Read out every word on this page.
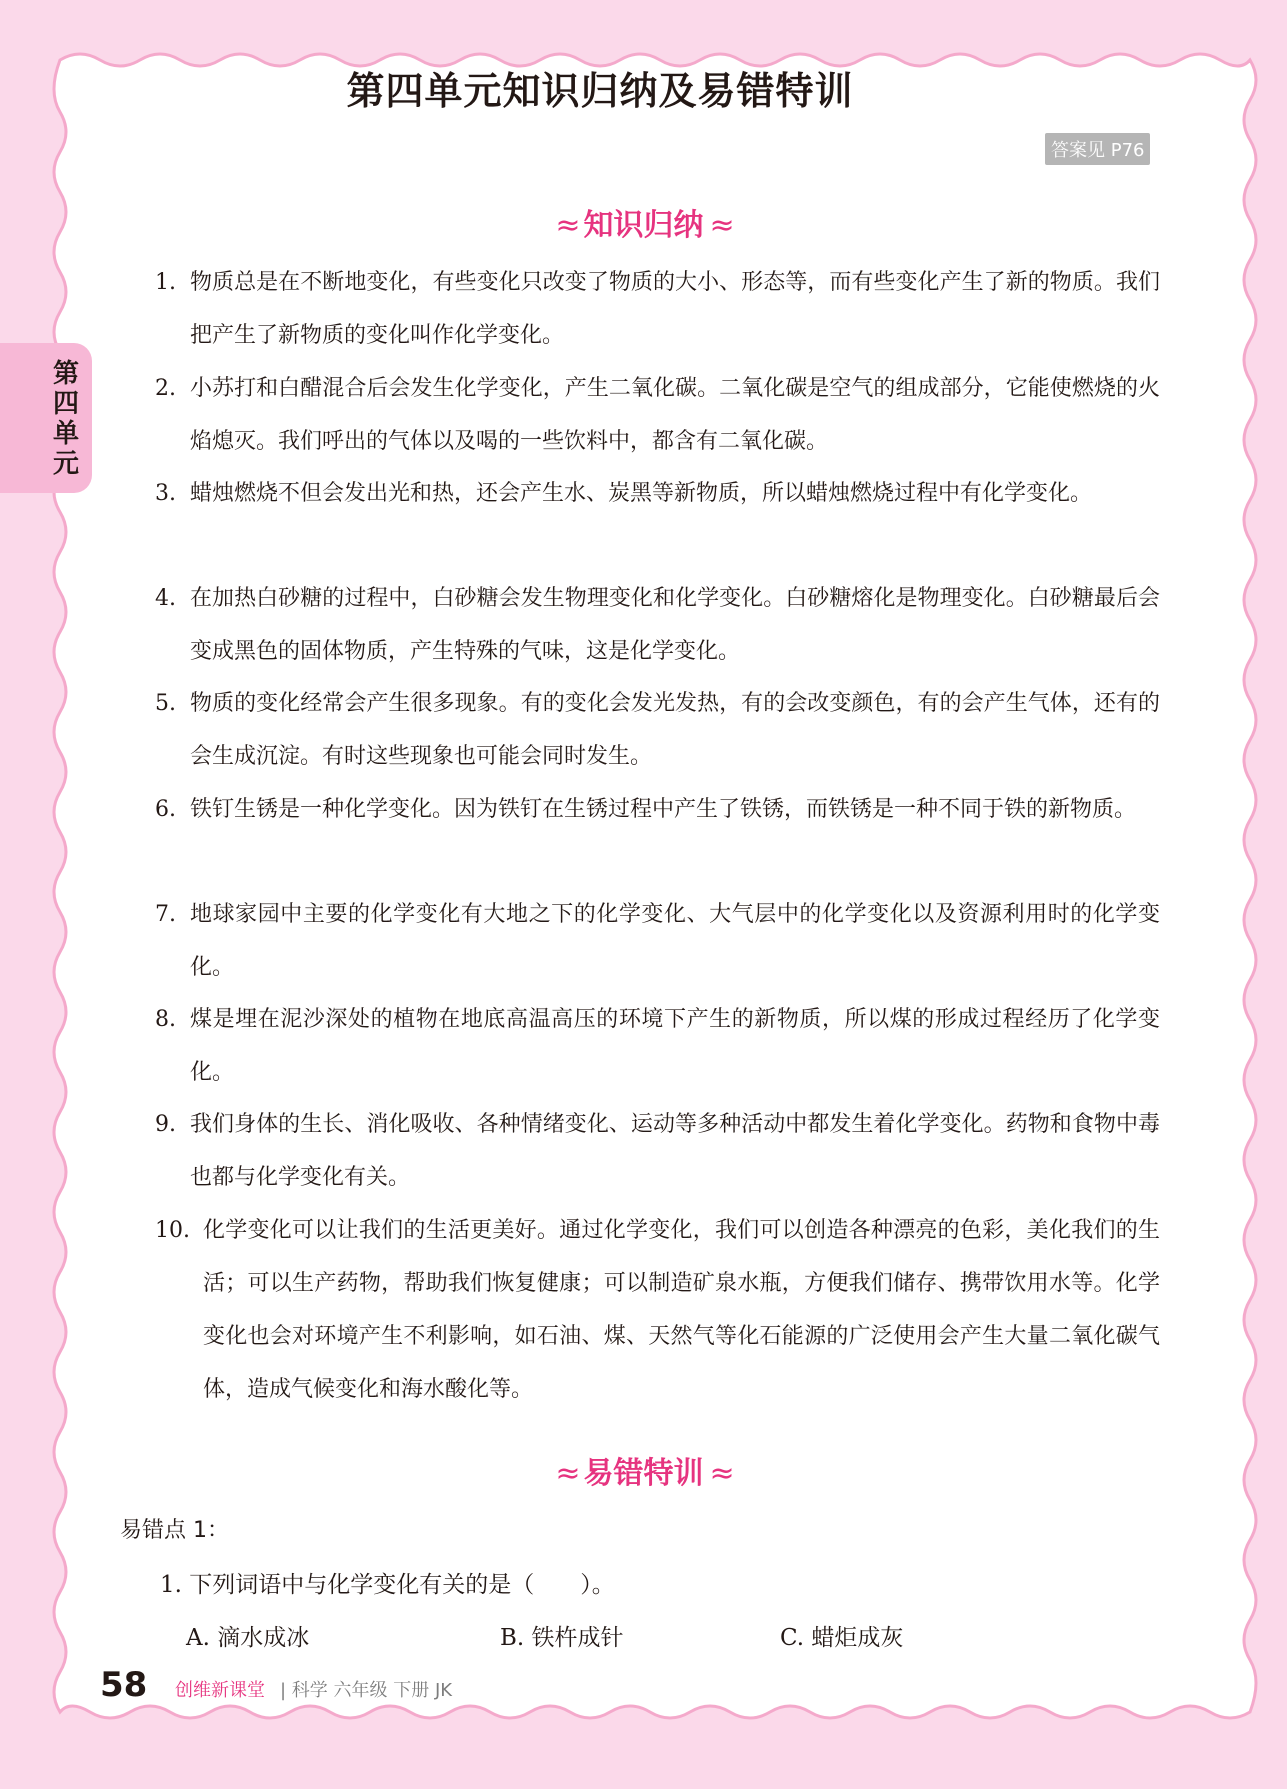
第四单元
第四单元知识归纳及易错特训
答案见 P76
≈ 知识归纳 ≈
1. 物质总是在不断地变化，有些变化只改变了物质的大小、形态等，而有些变化产生了新的物质。我们把产生了新物质的变化叫作化学变化。
2. 小苏打和白醋混合后会发生化学变化，产生二氧化碳。二氧化碳是空气的组成部分，它能使燃烧的火焰熄灭。我们呼出的气体以及喝的一些饮料中，都含有二氧化碳。
3. 蜡烛燃烧不但会发出光和热，还会产生水、炭黑等新物质，所以蜡烛燃烧过程中有化学变化。
4. 在加热白砂糖的过程中，白砂糖会发生物理变化和化学变化。白砂糖熔化是物理变化。白砂糖最后会变成黑色的固体物质，产生特殊的气味，这是化学变化。
5. 物质的变化经常会产生很多现象。有的变化会发光发热，有的会改变颜色，有的会产生气体，还有的会生成沉淀。有时这些现象也可能会同时发生。
6. 铁钉生锈是一种化学变化。因为铁钉在生锈过程中产生了铁锈，而铁锈是一种不同于铁的新物质。
7. 地球家园中主要的化学变化有大地之下的化学变化、大气层中的化学变化以及资源利用时的化学变化。
8. 煤是埋在泥沙深处的植物在地底高温高压的环境下产生的新物质，所以煤的形成过程经历了化学变化。
9. 我们身体的生长、消化吸收、各种情绪变化、运动等多种活动中都发生着化学变化。药物和食物中毒也都与化学变化有关。
10. 化学变化可以让我们的生活更美好。通过化学变化，我们可以创造各种漂亮的色彩，美化我们的生活；可以生产药物，帮助我们恢复健康；可以制造矿泉水瓶，方便我们储存、携带饮用水等。化学变化也会对环境产生不利影响，如石油、煤、天然气等化石能源的广泛使用会产生大量二氧化碳气体，造成气候变化和海水酸化等。
≈ 易错特训 ≈
易错点 1：
1. 下列词语中与化学变化有关的是（　　）。
A. 滴水成冰	B. 铁杵成针	C. 蜡炬成灰
58 创维新课堂 | 科学 六年级 下册 JK
